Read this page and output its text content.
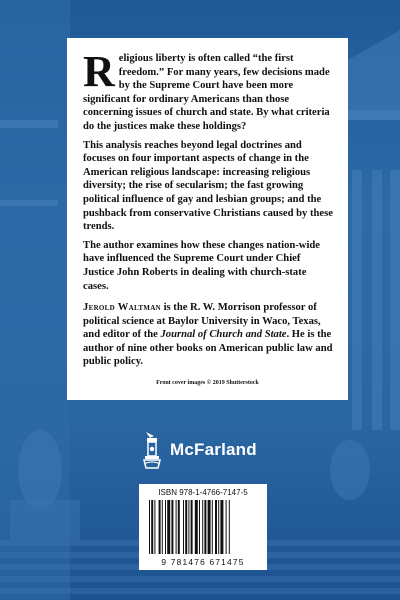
Religious liberty is often called “the first freedom.” For many years, few decisions made by the Supreme Court have been more significant for ordinary Americans than those concerning issues of church and state. By what criteria do the justices make these holdings?

This analysis reaches beyond legal doctrines and focuses on four important aspects of change in the American religious landscape: increasing religious diversity; the rise of secularism; the fast growing political influence of gay and lesbian groups; and the pushback from conservative Christians caused by these trends.

The author examines how these changes nation-wide have influenced the Supreme Court under Chief Justice John Roberts in dealing with church-state cases.

Jerold Waltman is the R. W. Morrison professor of political science at Baylor University in Waco, Texas, and editor of the Journal of Church and State. He is the author of nine other books on American public law and public policy.

Front cover images © 2019 Shutterstock
McFarland
ISBN 978-1-4766-7147-5
9 781476 671475
